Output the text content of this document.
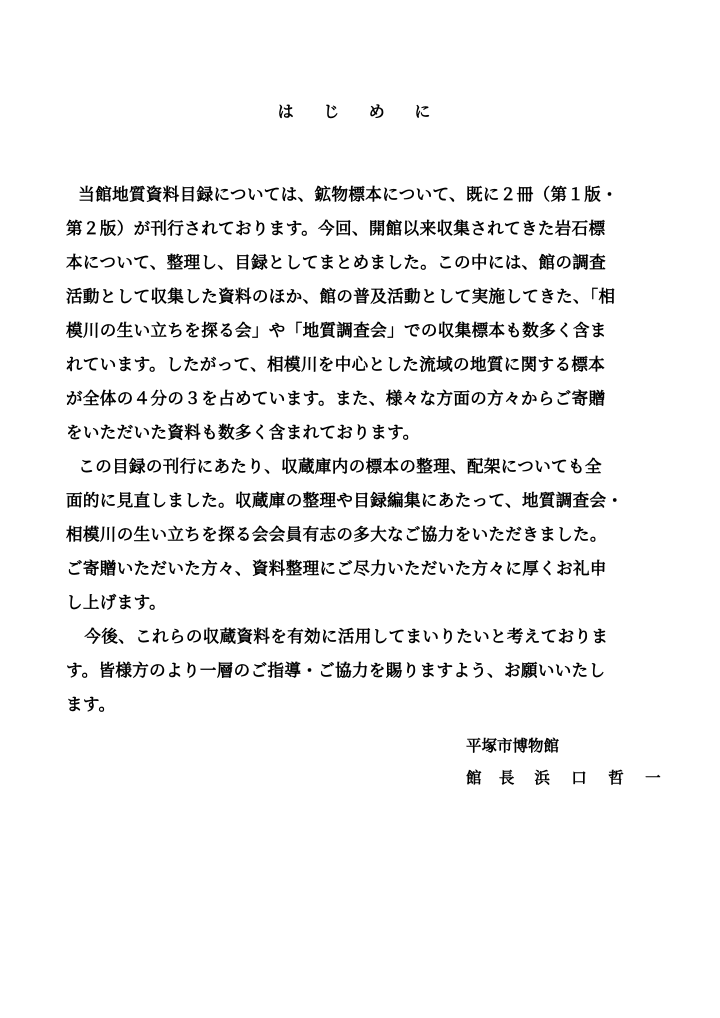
は じ め に
当館地質資料目録については、鉱物標本について、既に２冊（第１版・
第２版）が刊行されております。今回、開館以来収集されてきた岩石標
本について、整理し、目録としてまとめました。この中には、館の調査
活動として収集した資料のほか、館の普及活動として実施してきた、「相
模川の生い立ちを探る会」や「地質調査会」での収集標本も数多く含ま
れています。したがって、相模川を中心とした流域の地質に関する標本
が全体の４分の３を占めています。また、様々な方面の方々からご寄贈
をいただいた資料も数多く含まれております。
この目録の刊行にあたり、収蔵庫内の標本の整理、配架についても全
面的に見直しました。収蔵庫の整理や目録編集にあたって、地質調査会・
相模川の生い立ちを探る会会員有志の多大なご協力をいただきました。
ご寄贈いただいた方々、資料整理にご尽力いただいた方々に厚くお礼申
し上げます。
今後、これらの収蔵資料を有効に活用してまいりたいと考えておりま
す。皆様方のより一層のご指導・ご協力を賜りますよう、お願いいたし
ます。
平塚市博物館
館 長 浜 口 哲 一
